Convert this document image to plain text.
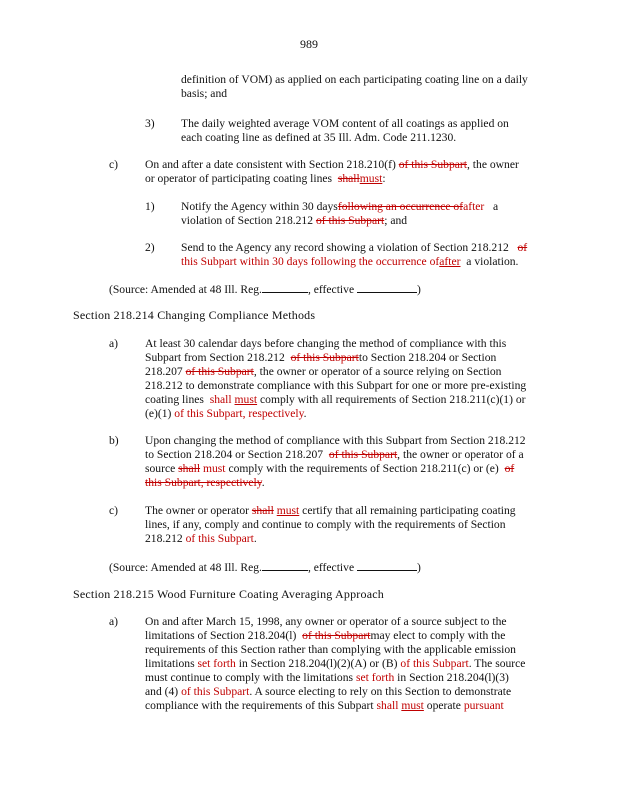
989
definition of VOM) as applied on each participating coating line on a daily
basis; and
3) The daily weighted average VOM content of all coatings as applied on
each coating line as defined at 35 Ill. Adm. Code 211.1230.
c) On and after a date consistent with Section 218.210(f) of this Subpart, the owner
or operator of participating coating lines shallmust:
1) Notify the Agency within 30 daysfollowing an occurrence ofafter a
violation of Section 218.212 of this Subpart; and
2) Send to the Agency any record showing a violation of Section 218.212 of
this Subpart within 30 days following the occurrence ofafter a violation.
(Source: Amended at 48 Ill. Reg.	, effective	)
Section 218.214 Changing Compliance Methods
a) At least 30 calendar days before changing the method of compliance with this
Subpart from Section 218.212 of this Subpartto Section 218.204 or Section
218.207 of this Subpart, the owner or operator of a source relying on Section
218.212 to demonstrate compliance with this Subpart for one or more pre-existing
coating lines shall must comply with all requirements of Section 218.211(c)(1) or
(e)(1) of this Subpart, respectively.
b) Upon changing the method of compliance with this Subpart from Section 218.212
to Section 218.204 or Section 218.207 of this Subpart, the owner or operator of a
source shall must comply with the requirements of Section 218.211(c) or (e) of
this Subpart, respectively.
c) The owner or operator shall must certify that all remaining participating coating
lines, if any, comply and continue to comply with the requirements of Section
218.212 of this Subpart.
(Source: Amended at 48 Ill. Reg.	, effective	)
Section 218.215 Wood Furniture Coating Averaging Approach
a) On and after March 15, 1998, any owner or operator of a source subject to the
limitations of Section 218.204(l) of this Subpartmay elect to comply with the
requirements of this Section rather than complying with the applicable emission
limitations set forth in Section 218.204(l)(2)(A) or (B) of this Subpart. The source
must continue to comply with the limitations set forth in Section 218.204(l)(3)
and (4) of this Subpart. A source electing to rely on this Section to demonstrate
compliance with the requirements of this Subpart shall must operate pursuant
